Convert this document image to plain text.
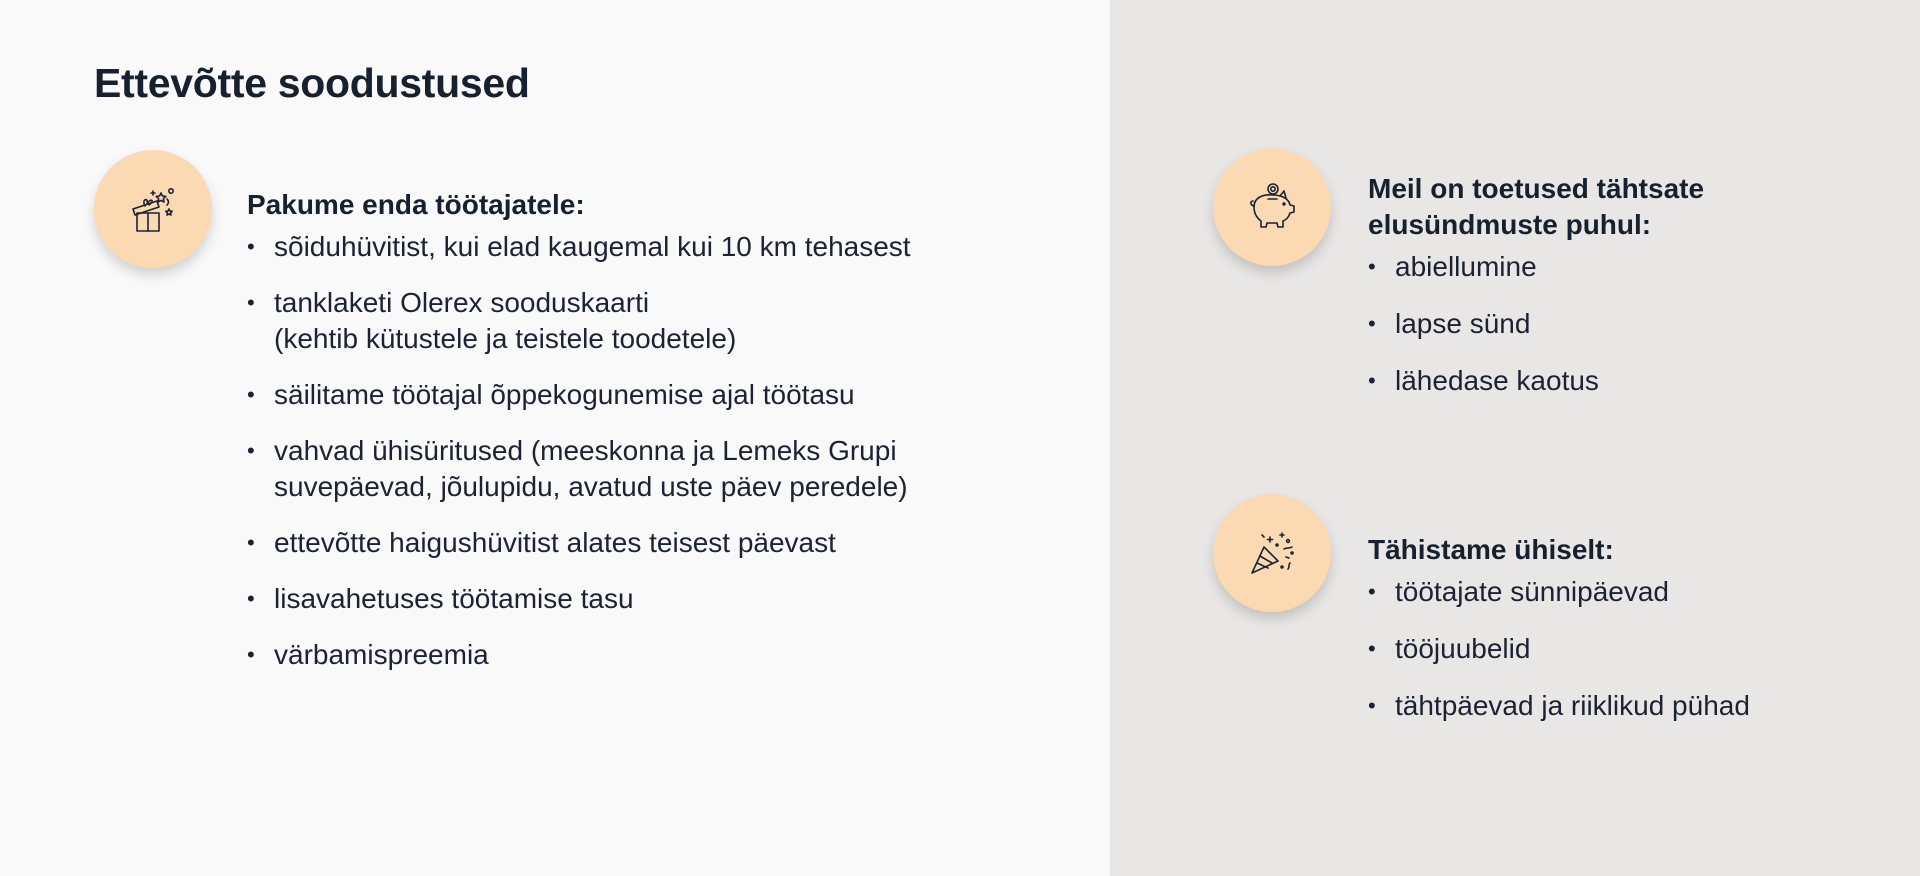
Ettevõtte soodustused
Pakume enda töötajatele:
• sõiduhüvitist, kui elad kaugemal kui 10 km tehasest
• tanklaketi Olerex sooduskaarti
(kehtib kütustele ja teistele toodetele)
• säilitame töötajal õppekogunemise ajal töötasu
• vahvad ühisüritused (meeskonna ja Lemeks Grupi
suvepäevad, jõulupidu, avatud uste päev peredele)
• ettevõtte haigushüvitist alates teisest päevast
• lisavahetuses töötamise tasu
• värbamispreemia
Meil on toetused tähtsate
elusündmuste puhul:
• abiellumine
• lapse sünd
• lähedase kaotus
Tähistame ühiselt:
• töötajate sünnipäevad
• tööjuubelid
• tähtpäevad ja riiklikud pühad
